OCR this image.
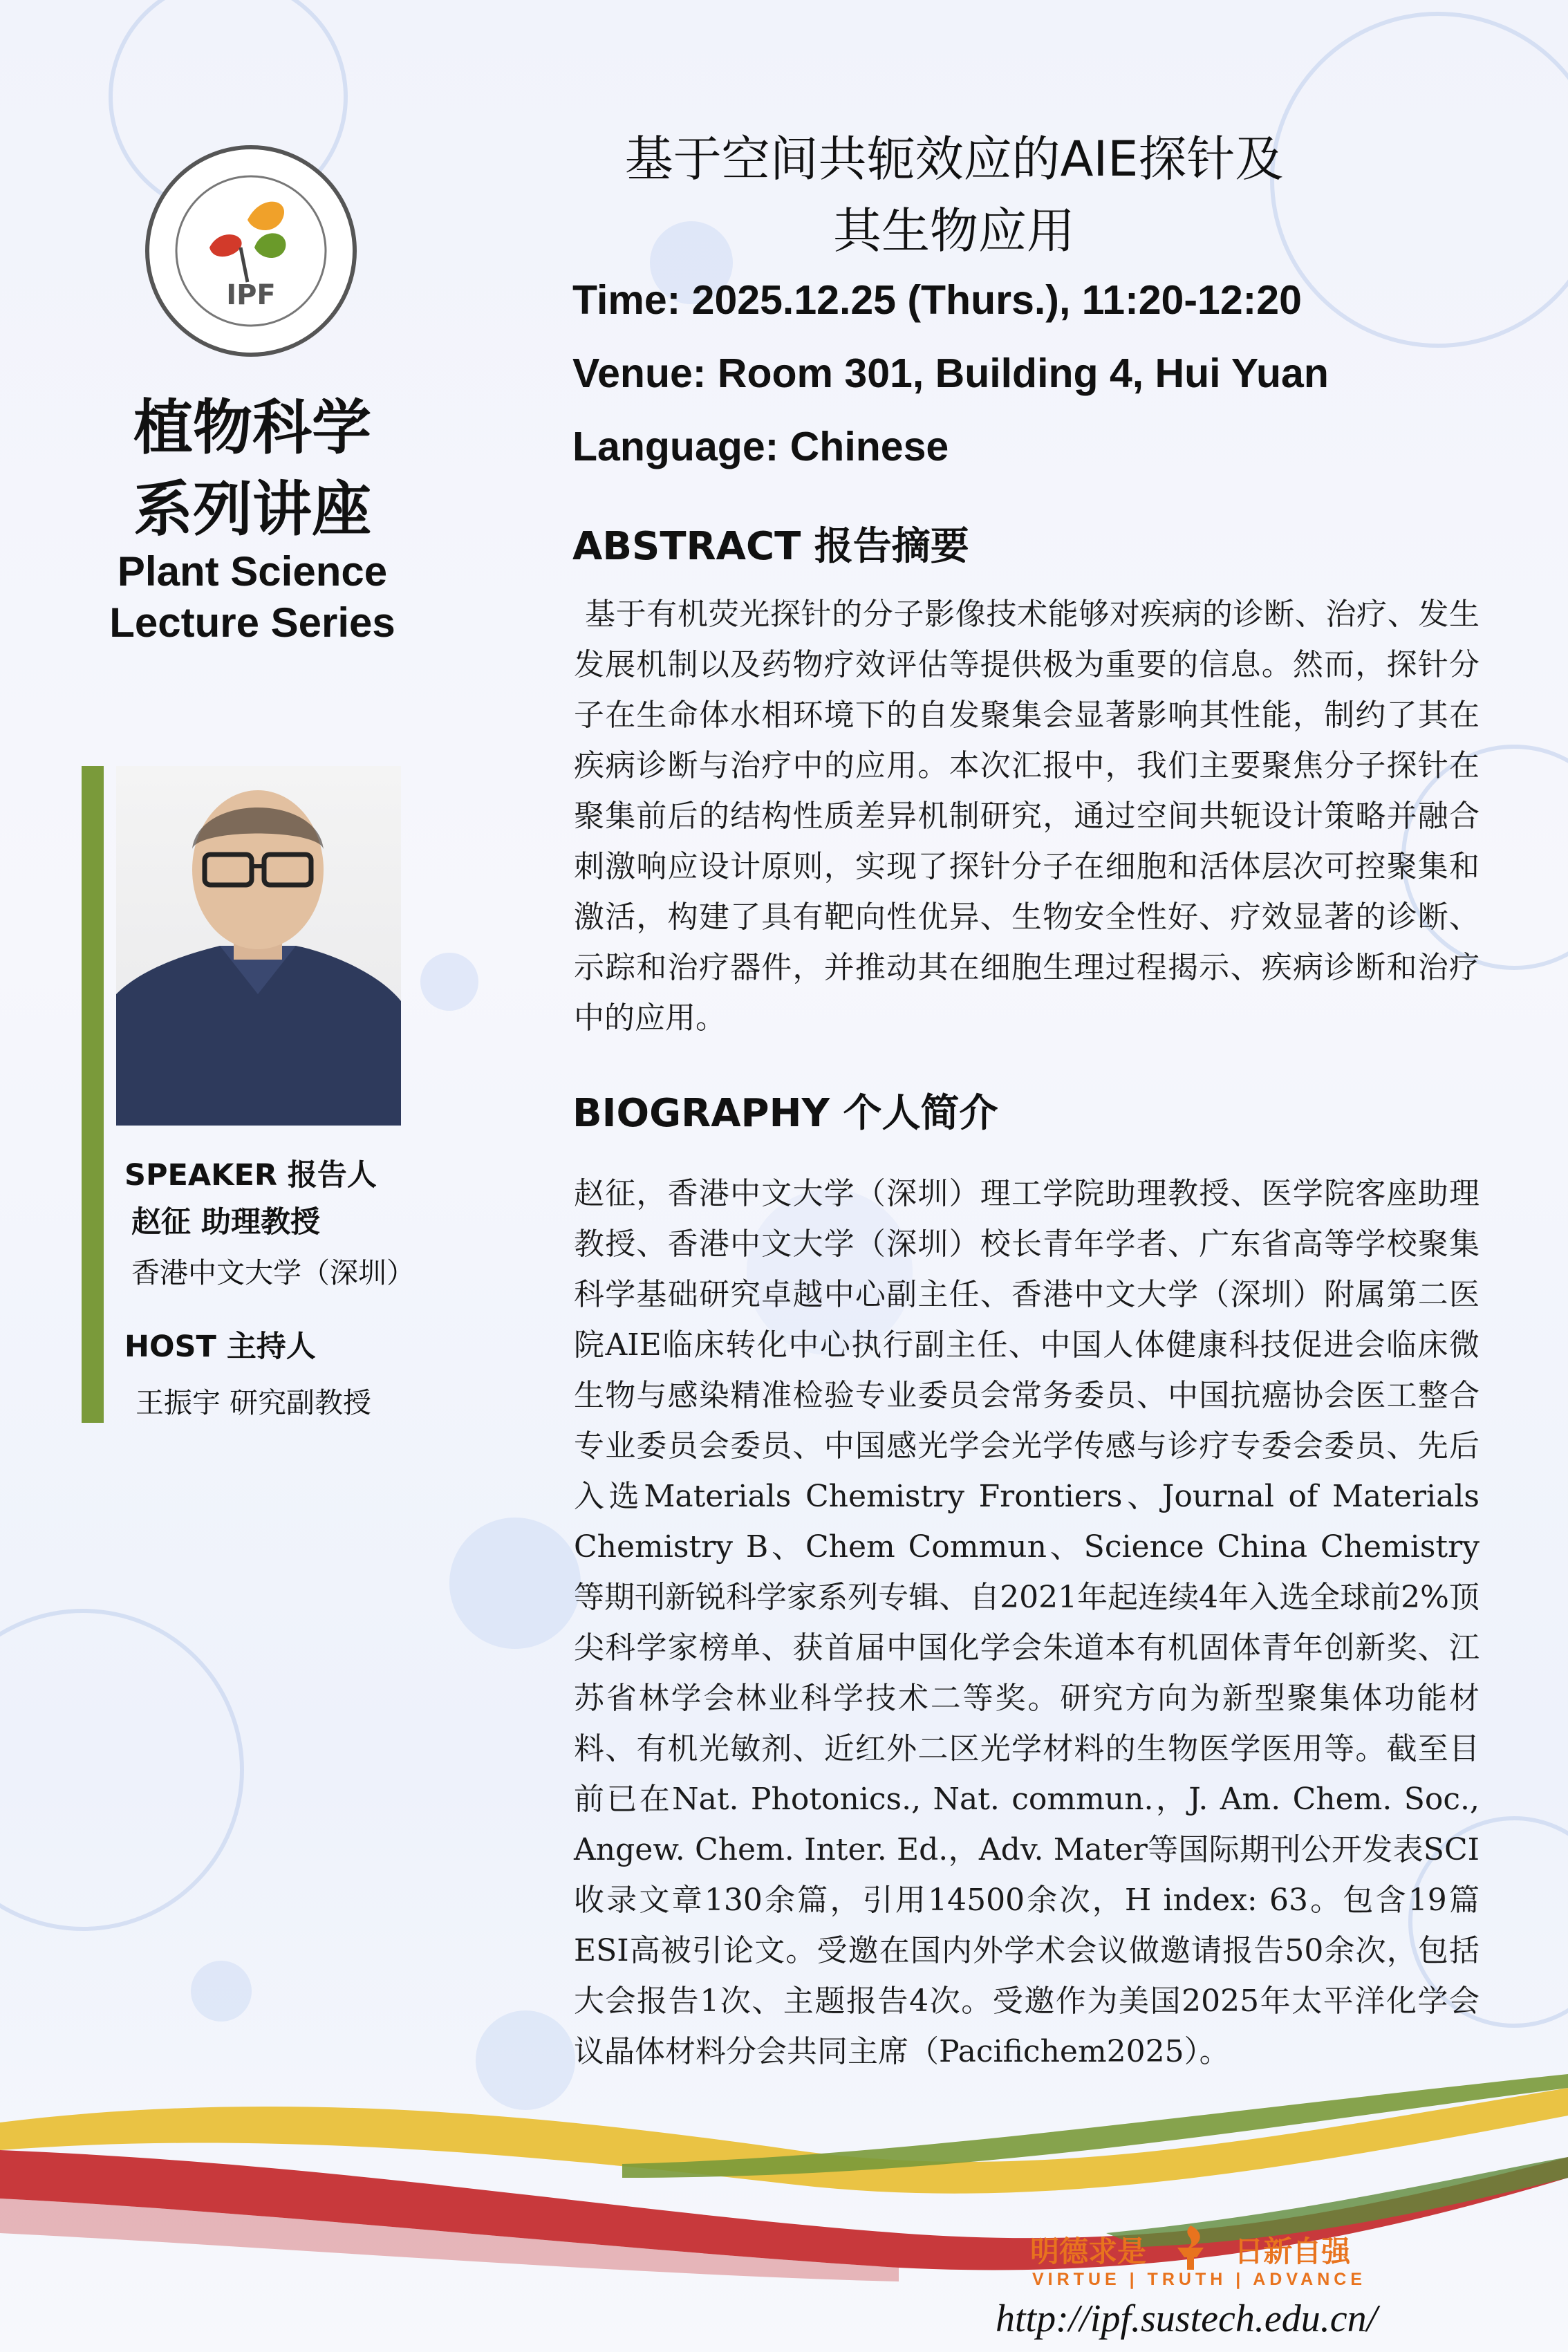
IPF
植物科学
系列讲座
Plant Science
Lecture Series
SPEAKER 报告人
赵征 助理教授
香港中文大学（深圳）
HOST 主持人
王振宇 研究副教授
基于空间共轭效应的AIE探针及
其生物应用
Time: 2025.12.25 (Thurs.), 11:20-12:20
Venue: Room 301, Building 4, Hui Yuan
Language: Chinese
ABSTRACT 报告摘要
基于有机荧光探针的分子影像技术能够对疾病的诊断、治疗、发生发展机制以及药物疗效评估等提供极为重要的信息。然而，探针分子在生命体水相环境下的自发聚集会显著影响其性能，制约了其在疾病诊断与治疗中的应用。本次汇报中，我们主要聚焦分子探针在聚集前后的结构性质差异机制研究，通过空间共轭设计策略并融合刺激响应设计原则，实现了探针分子在细胞和活体层次可控聚集和激活，构建了具有靶向性优异、生物安全性好、疗效显著的诊断、示踪和治疗器件，并推动其在细胞生理过程揭示、疾病诊断和治疗中的应用。
BIOGRAPHY 个人简介
赵征，香港中文大学（深圳）理工学院助理教授、医学院客座助理教授、香港中文大学（深圳）校长青年学者、广东省高等学校聚集科学基础研究卓越中心副主任、香港中文大学（深圳）附属第二医院AIE临床转化中心执行副主任、中国人体健康科技促进会临床微生物与感染精准检验专业委员会常务委员、中国抗癌协会医工整合专业委员会委员、中国感光学会光学传感与诊疗专委会委员、先后入选Materials Chemistry Frontiers、Journal of Materials Chemistry B、Chem Commun、Science China Chemistry等期刊新锐科学家系列专辑、自2021年起连续4年入选全球前2%顶尖科学家榜单、获首届中国化学会朱道本有机固体青年创新奖、江苏省林学会林业科学技术二等奖。研究方向为新型聚集体功能材料、有机光敏剂、近红外二区光学材料的生物医学医用等。截至目前已在Nat. Photonics., Nat. commun.，J. Am. Chem. Soc., Angew. Chem. Inter. Ed.，Adv. Mater等国际期刊公开发表SCI收录文章130余篇，引用14500余次，H index: 63。包含19篇ESI高被引论文。受邀在国内外学术会议做邀请报告50余次，包括大会报告1次、主题报告4次。受邀作为美国2025年太平洋化学会议晶体材料分会共同主席（Pacifichem2025）。
明德求是	日新自强
VIRTUE | TRUTH | ADVANCE
http://ipf.sustech.edu.cn/
